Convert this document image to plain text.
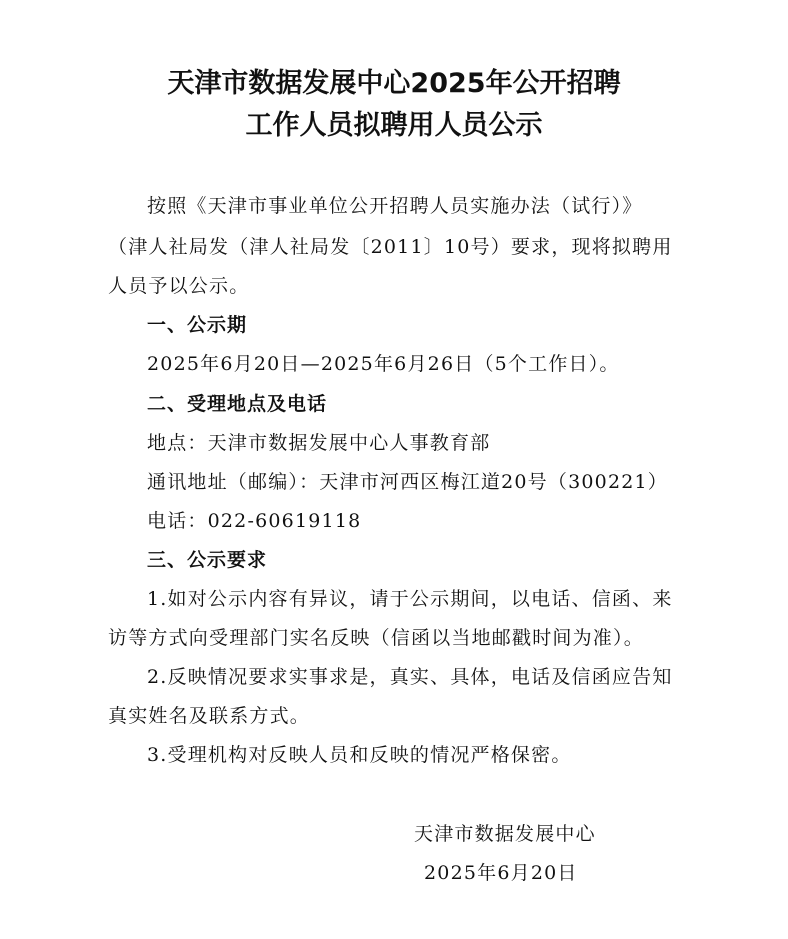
天津市数据发展中心2025年公开招聘
工作人员拟聘用人员公示
按照《天津市事业单位公开招聘人员实施办法（试行）》
（津人社局发（津人社局发〔2011〕10号）要求，现将拟聘用
人员予以公示。
一、公示期
2025年6月20日—2025年6月26日（5个工作日）。
二、受理地点及电话
地点：天津市数据发展中心人事教育部
通讯地址（邮编）：天津市河西区梅江道20号（300221）
电话：022-60619118
三、公示要求
1.如对公示内容有异议，请于公示期间，以电话、信函、来
访等方式向受理部门实名反映（信函以当地邮戳时间为准）。
2.反映情况要求实事求是，真实、具体，电话及信函应告知
真实姓名及联系方式。
3.受理机构对反映人员和反映的情况严格保密。
天津市数据发展中心
2025年6月20日
